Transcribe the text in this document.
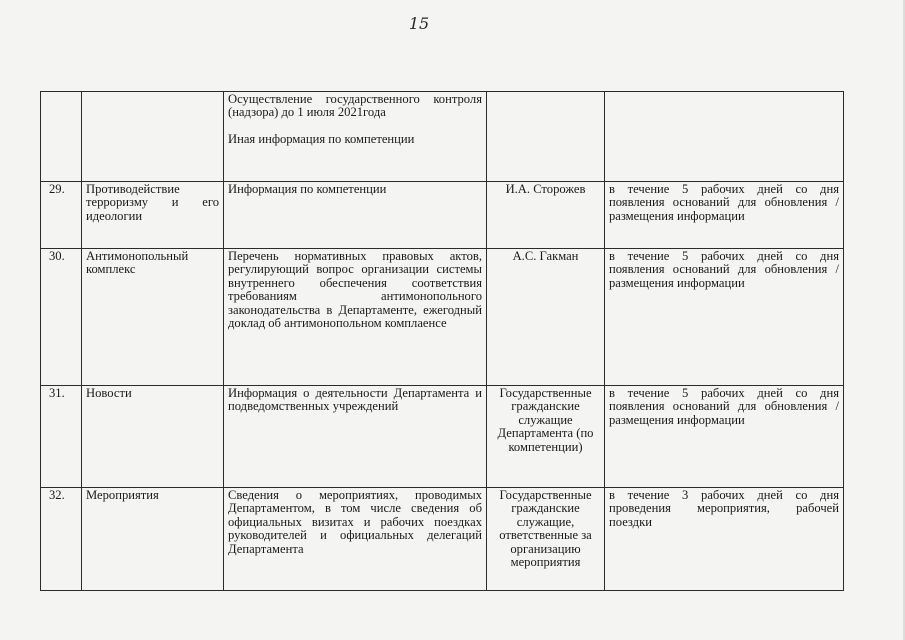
15

		Осуществление государственного контроля (надзора) до 1 июля 2021года
Иная информация по компетенции		

29.	Противодействие терроризму и его идеологии	Информация по компетенции	И.А. Сторожев	в течение 5 рабочих дней со дня появления оснований для обновления /размещения информации
30.	Антимонопольный комплекс	Перечень нормативных правовых актов, регулирующий вопрос организации системы внутреннего обеспечения соответствия требованиям антимонопольного законодательства в Департаменте, ежегодный доклад об антимонопольном комплаенсе	А.С. Гакман	в течение 5 рабочих дней со дня появления оснований для обновления /размещения информации
31.	Новости	Информация о деятельности Департамента и подведомственных учреждений	Государственные гражданские служащие Департамента (по компетенции)	в течение 5 рабочих дней со дня появления оснований для обновления /размещения информации
32.	Мероприятия	Сведения о мероприятиях, проводимых Департаментом, в том числе сведения об официальных визитах и рабочих поездках руководителей и официальных делегаций Департамента	Государственные гражданские служащие, ответственные за организацию мероприятия	в течение 3 рабочих дней со дня проведения мероприятия, рабочей поездки
